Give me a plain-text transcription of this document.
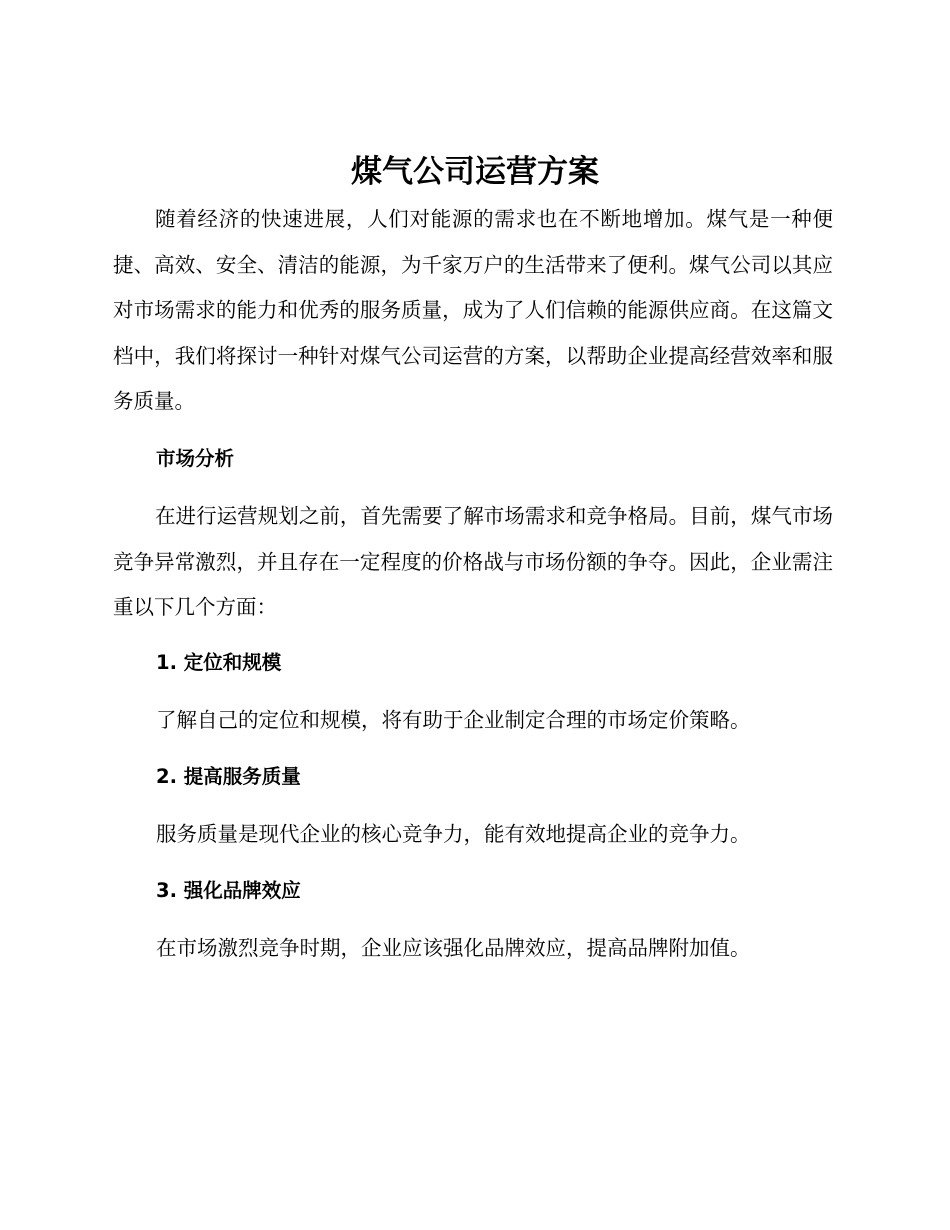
煤气公司运营方案

随着经济的快速进展，人们对能源的需求也在不断地增加。煤气是一种便捷、高效、安全、清洁的能源，为千家万户的生活带来了便利。煤气公司以其应对市场需求的能力和优秀的服务质量，成为了人们信赖的能源供应商。在这篇文档中，我们将探讨一种针对煤气公司运营的方案，以帮助企业提高经营效率和服务质量。

市场分析

在进行运营规划之前，首先需要了解市场需求和竞争格局。目前，煤气市场竞争异常激烈，并且存在一定程度的价格战与市场份额的争夺。因此，企业需注重以下几个方面：

1. 定位和规模

了解自己的定位和规模，将有助于企业制定合理的市场定价策略。

2. 提高服务质量

服务质量是现代企业的核心竞争力，能有效地提高企业的竞争力。

3. 强化品牌效应

在市场激烈竞争时期，企业应该强化品牌效应，提高品牌附加值。
